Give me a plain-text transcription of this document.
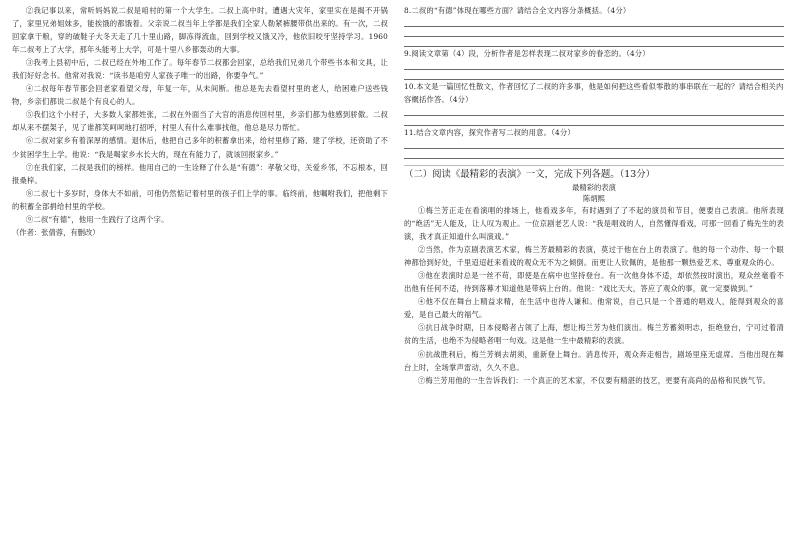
②我记事以来，常听妈妈说二叔是咱村的第一个大学生。二叔上高中时，遭遇大灾年，家里实在是揭不开锅了，家里兄弟姐妹多，能挨饿的都饿着。父亲说二叔当年上学都是我们全家人勒紧裤腰带供出来的。有一次，二叔回家拿干粮，穿的破鞋子大冬天走了几十里山路，脚冻得流血，回到学校又饿又冷，他依旧咬牙坚持学习。1960年二叔考上了大学，那年头能考上大学，可是十里八乡都轰动的大事。

③我考上县初中后，二叔已经在外地工作了。每年春节二叔都会回家，总给我们兄弟几个带些书本和文具，让我们好好念书。他常对我说：“读书是咱穷人家孩子唯一的出路，你要争气。”

④二叔每年春节都会回老家看望父母，年复一年，从未间断。他总是先去看望村里的老人，给困难户送些钱物，乡亲们都说二叔是个有良心的人。

⑤我们这个小村子，大多数人家都姓张，二叔在外面当了大官的消息传回村里，乡亲们都为他感到骄傲。二叔却从来不摆架子，见了谁都笑呵呵地打招呼，村里人有什么难事找他，他总是尽力帮忙。

⑥二叔对家乡有着深厚的感情。退休后，他把自己多年的积蓄拿出来，给村里修了路、建了学校，还资助了不少贫困学生上学。他说：“我是喝家乡水长大的，现在有能力了，就该回报家乡。”

⑦在我们家，二叔是我们的榜样。他用自己的一生诠释了什么是“有德”：孝敬父母，关爱乡邻，不忘根本，回报桑梓。

⑧二叔七十多岁时，身体大不如前，可他仍然惦记着村里的孩子们上学的事。临终前，他嘱咐我们，把他剩下的积蓄全部捐给村里的学校。

⑨二叔“有德”，他用一生践行了这两个字。

（作者：张倩蓉，有删改）

8.二叔的“有德”体现在哪些方面？请结合全文内容分条概括。（4分）

9.阅读文章第（4）段，分析作者是怎样表现二叔对家乡的眷恋的。（4分）

10.本文是一篇回忆性散文，作者回忆了二叔的许多事，他是如何把这些看似零散的事串联在一起的？请结合相关内容概括作答。（4分）

11.结合文章内容，探究作者写二叔的用意。（4分）

（二）阅读《最精彩的表演》一文，完成下列各题。（13分）

最精彩的表演

陈炳熙

①梅兰芳正走在看演唱的排场上，他看戏多年，有时遇到了了不起的演员和节目，便要自己表演。他所表现的“绝活”无人能及，让人叹为观止。一位京剧老艺人说：“我是唱戏的人，自然懂得看戏，可那一回看了梅先生的表演，我才真正知道什么叫演戏。”

②当然，作为京剧表演艺术家，梅兰芳最精彩的表演，莫过于他在台上的表演了。他的每一个动作、每一个眼神都恰到好处，千里迢迢赶来看戏的观众无不为之倾倒。而更让人钦佩的，是他那一颗热爱艺术、尊重观众的心。

③他在表演时总是一丝不苟，即使是在病中也坚持登台。有一次他身体不适，却依然按时演出，观众丝毫看不出他有任何不适，待到落幕才知道他是带病上台的。他说：“戏比天大，答应了观众的事，就一定要做到。”

④他不仅在舞台上精益求精，在生活中也待人谦和。他常说，自己只是一个普通的唱戏人，能得到观众的喜爱，是自己最大的福气。

⑤抗日战争时期，日本侵略者占领了上海，想让梅兰芳为他们演出。梅兰芳蓄须明志，拒绝登台，宁可过着清贫的生活，也绝不为侵略者唱一句戏。这是他一生中最精彩的表演。

⑥抗战胜利后，梅兰芳剃去胡须，重新登上舞台。消息传开，观众奔走相告，剧场里座无虚席。当他出现在舞台上时，全场掌声雷动，久久不息。

⑦梅兰芳用他的一生告诉我们：一个真正的艺术家，不仅要有精湛的技艺，更要有高尚的品格和民族气节。
